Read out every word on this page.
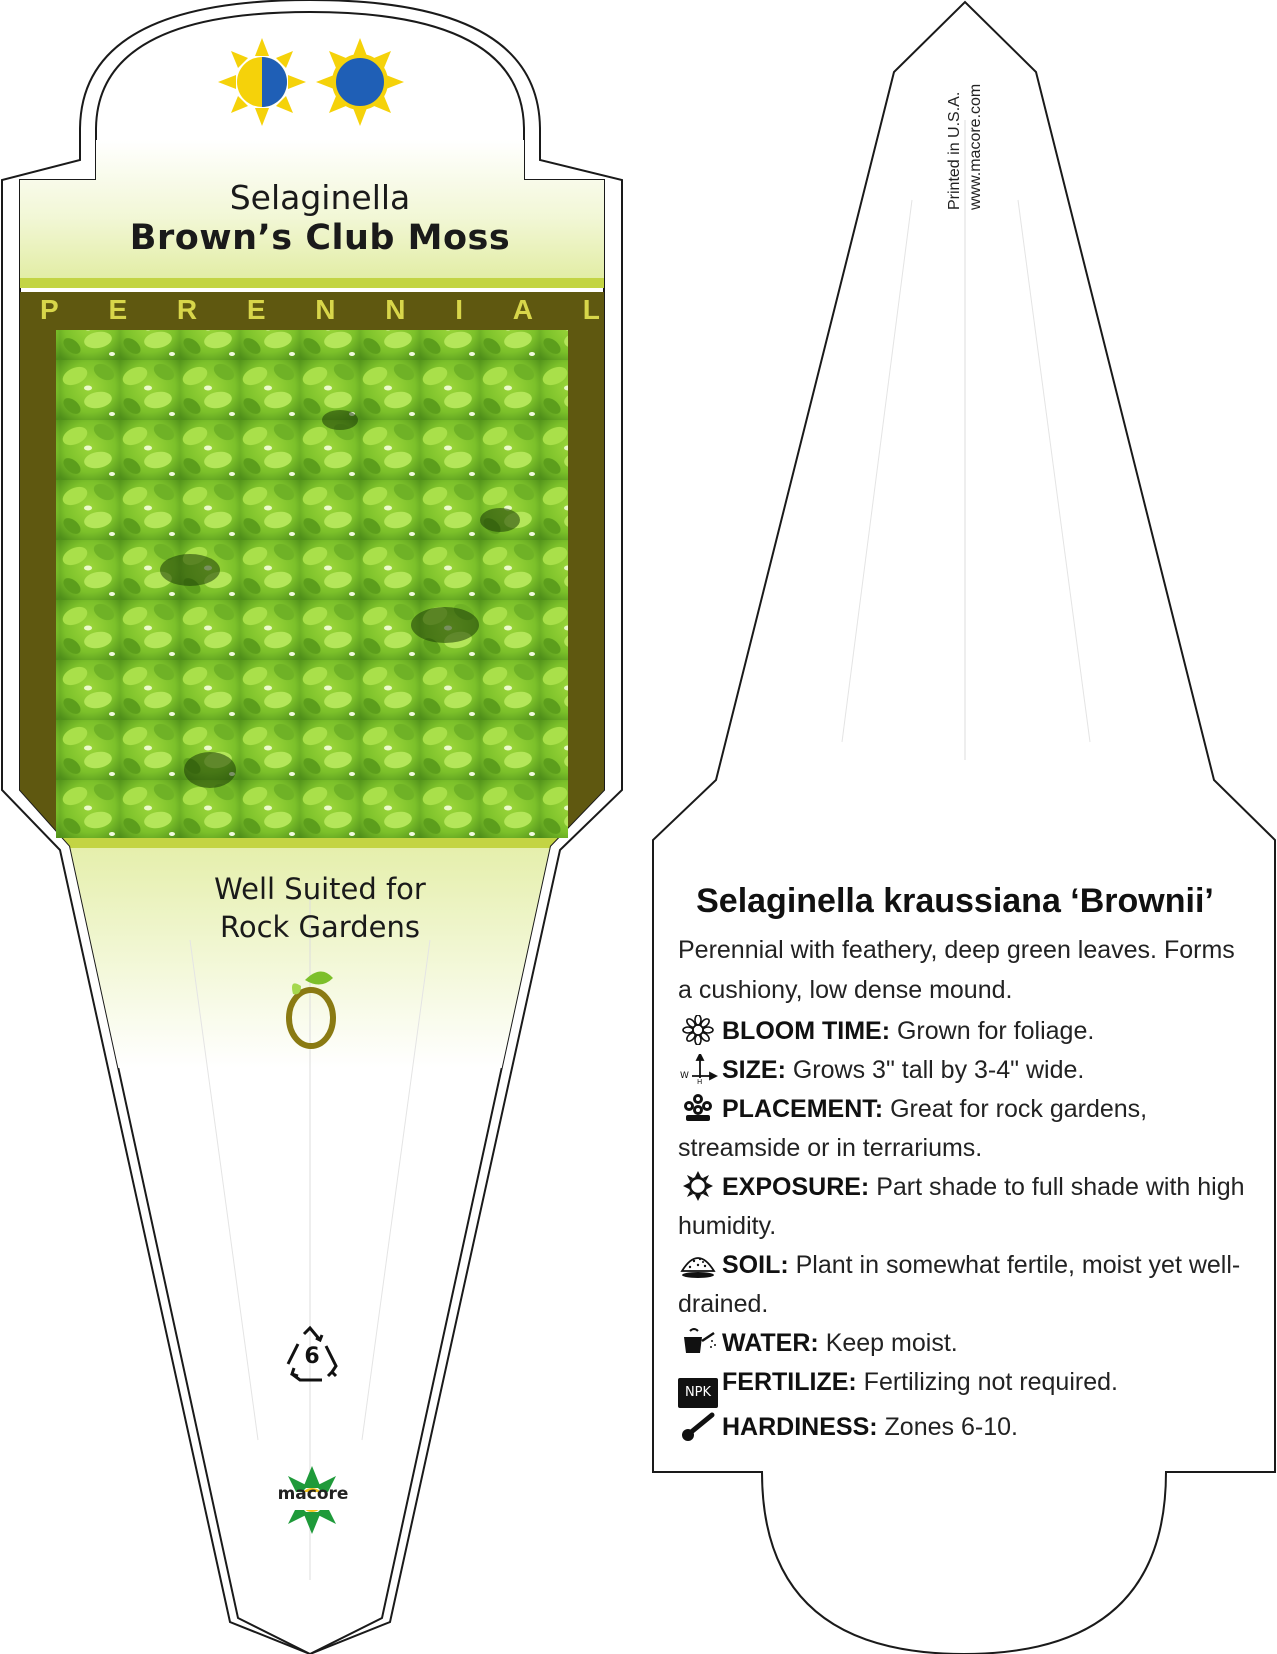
Selaginella
Brown’s Club Moss
P E R E N N I A L
Well Suited for
Rock Gardens
6
macore
Printed in U.S.A. www.macore.com
Selaginella kraussiana ‘Brownii’
Perennial with feathery, deep green leaves. Forms a cushiony, low dense mound.
BLOOM TIME: Grown for foliage.
W
H SIZE: Grows 3" tall by 3-4" wide.
PLACEMENT: Great for rock gardens, streamside or in terrariums.
EXPOSURE: Part shade to full shade with high humidity.
SOIL: Plant in somewhat fertile, moist yet well-drained.
WATER: Keep moist.
NPK FERTILIZE: Fertilizing not required.
HARDINESS: Zones 6-10.
